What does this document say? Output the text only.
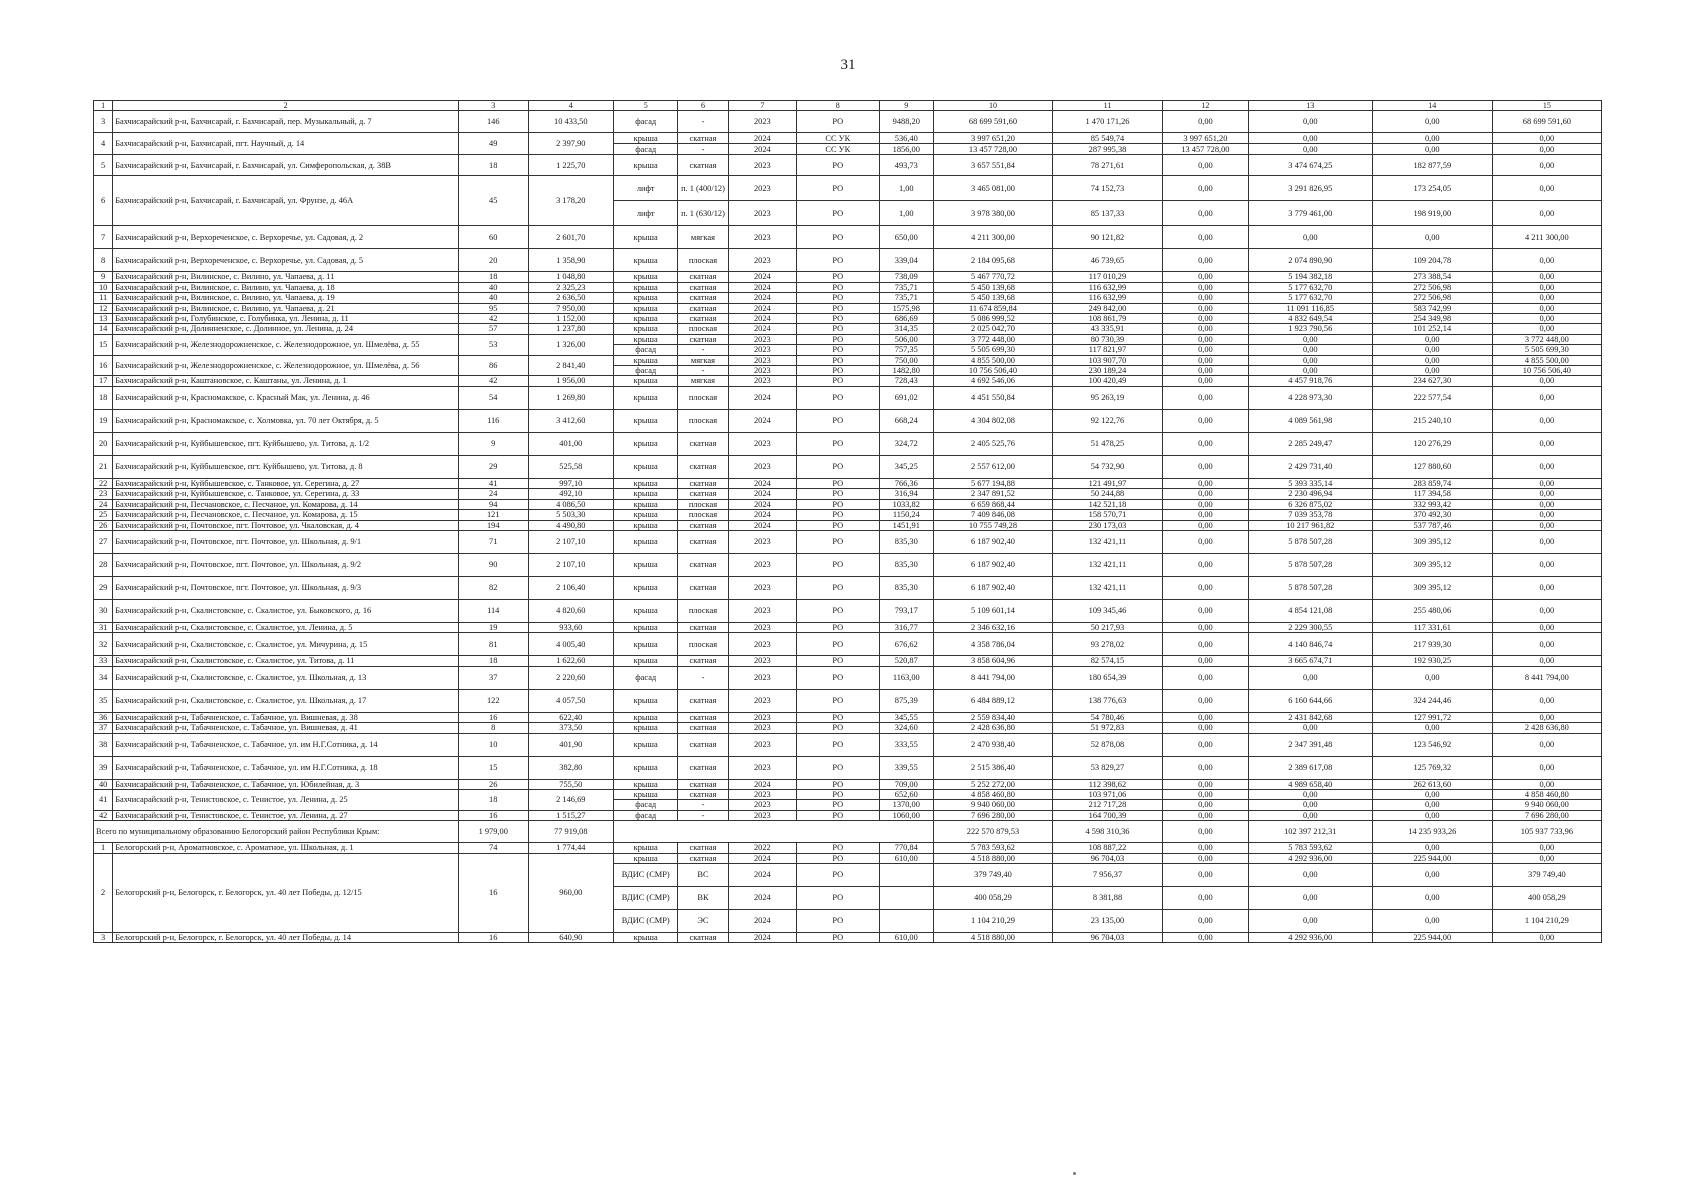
31
1	2	3	4	5	6	7	8	9	10	11	12	13	14	15
3	Бахчисарайский р-н, Бахчисарай, г. Бахчисарай, пер. Музыкальный, д. 7	146	10 433,50	фасад	-	2023	РО	9488,20	68 699 591,60	1 470 171,26	0,00	0,00	0,00	68 699 591,60
4	Бахчисарайский р-н, Бахчисарай, пгт. Научный, д. 14	49	2 397,90	крыша	скатная	2024	СС УК	536,40	3 997 651,20	85 549,74	3 997 651,20	0,00	0,00	0,00
				фасад	-	2024	СС УК	1856,00	13 457 728,00	287 995,38	13 457 728,00	0,00	0,00	0,00
5	Бахчисарайский р-н, Бахчисарай, г. Бахчисарай, ул. Симферопольская, д. 38В	18	1 225,70	крыша	скатная	2023	РО	493,73	3 657 551,84	78 271,61	0,00	3 474 674,25	182 877,59	0,00
6	Бахчисарайский р-н, Бахчисарай, г. Бахчисарай, ул. Фрунзе, д. 46А	45	3 178,20	лифт	п. 1 (400/12)	2023	РО	1,00	3 465 081,00	74 152,73	0,00	3 291 826,95	173 254,05	0,00
				лифт	п. 1 (630/12)	2023	РО	1,00	3 978 380,00	85 137,33	0,00	3 779 461,00	198 919,00	0,00
7	Бахчисарайский р-н, Верхореченское, с. Верхоречье, ул. Садовая, д. 2	60	2 601,70	крыша	мягкая	2023	РО	650,00	4 211 300,00	90 121,82	0,00	0,00	0,00	4 211 300,00
8	Бахчисарайский р-н, Верхореченское, с. Верхоречье, ул. Садовая, д. 5	20	1 358,90	крыша	плоская	2023	РО	339,04	2 184 095,68	46 739,65	0,00	2 074 890,90	109 204,78	0,00
9	Бахчисарайский р-н, Вилинское, с. Вилино, ул. Чапаева, д. 11	18	1 048,80	крыша	скатная	2024	РО	738,09	5 467 770,72	117 010,29	0,00	5 194 382,18	273 388,54	0,00
10	Бахчисарайский р-н, Вилинское, с. Вилино, ул. Чапаева, д. 18	40	2 325,23	крыша	скатная	2024	РО	735,71	5 450 139,68	116 632,99	0,00	5 177 632,70	272 506,98	0,00
11	Бахчисарайский р-н, Вилинское, с. Вилино, ул. Чапаева, д. 19	40	2 636,50	крыша	скатная	2024	РО	735,71	5 450 139,68	116 632,99	0,00	5 177 632,70	272 506,98	0,00
12	Бахчисарайский р-н, Вилинское, с. Вилино, ул. Чапаева, д. 21	95	7 950,00	крыша	скатная	2024	РО	1575,98	11 674 859,84	249 842,00	0,00	11 091 116,85	583 742,99	0,00
13	Бахчисарайский р-н, Голубинское, с. Голубинка, ул. Ленина, д. 11	42	1 152,00	крыша	скатная	2024	РО	686,69	5 086 999,52	108 861,79	0,00	4 832 649,54	254 349,98	0,00
14	Бахчисарайский р-н, Долинненское, с. Долинное, ул. Ленина, д. 24	57	1 237,80	крыша	плоская	2024	РО	314,35	2 025 042,70	43 335,91	0,00	1 923 790,56	101 252,14	0,00
15	Бахчисарайский р-н, Железнодорожненское, с. Железнодорожное, ул. Шмелёва, д. 55	53	1 326,00	крыша	скатная	2023	РО	506,00	3 772 448,00	80 730,39	0,00	0,00	0,00	3 772 448,00
				фасад	-	2023	РО	757,35	5 505 699,30	117 821,97	0,00	0,00	0,00	5 505 699,30
16	Бахчисарайский р-н, Железнодорожненское, с. Железнодорожное, ул. Шмелёва, д. 56	86	2 841,40	крыша	мягкая	2023	РО	750,00	4 855 500,00	103 907,70	0,00	0,00	0,00	4 855 500,00
				фасад	-	2023	РО	1482,80	10 756 506,40	230 189,24	0,00	0,00	0,00	10 756 506,40
17	Бахчисарайский р-н, Каштановское, с. Каштаны, ул. Ленина, д. 1	42	1 956,00	крыша	мягкая	2023	РО	728,43	4 692 546,06	100 420,49	0,00	4 457 918,76	234 627,30	0,00
18	Бахчисарайский р-н, Красномакское, с. Красный Мак, ул. Ленина, д. 46	54	1 269,80	крыша	плоская	2024	РО	691,02	4 451 550,84	95 263,19	0,00	4 228 973,30	222 577,54	0,00
19	Бахчисарайский р-н, Красномакское, с. Холмовка, ул. 70 лет Октября, д. 5	116	3 412,60	крыша	плоская	2024	РО	668,24	4 304 802,08	92 122,76	0,00	4 089 561,98	215 240,10	0,00
20	Бахчисарайский р-н, Куйбышевское, пгт. Куйбышево, ул. Титова, д. 1/2	9	401,00	крыша	скатная	2023	РО	324,72	2 405 525,76	51 478,25	0,00	2 285 249,47	120 276,29	0,00
21	Бахчисарайский р-н, Куйбышевское, пгт. Куйбышево, ул. Титова, д. 8	29	525,58	крыша	скатная	2023	РО	345,25	2 557 612,00	54 732,90	0,00	2 429 731,40	127 880,60	0,00
22	Бахчисарайский р-н, Куйбышевское, с. Танковое, ул. Серегина, д. 27	41	997,10	крыша	скатная	2024	РО	766,36	5 677 194,88	121 491,97	0,00	5 393 335,14	283 859,74	0,00
23	Бахчисарайский р-н, Куйбышевское, с. Танковое, ул. Серегина, д. 33	24	492,10	крыша	скатная	2024	РО	316,94	2 347 891,52	50 244,88	0,00	2 230 496,94	117 394,58	0,00
24	Бахчисарайский р-н, Песчановское, с. Песчаное, ул. Комарова, д. 14	94	4 086,50	крыша	плоская	2024	РО	1033,82	6 659 868,44	142 521,18	0,00	6 326 875,02	332 993,42	0,00
25	Бахчисарайский р-н, Песчановское, с. Песчаное, ул. Комарова, д. 15	121	5 503,30	крыша	плоская	2024	РО	1150,24	7 409 846,08	158 570,71	0,00	7 039 353,78	370 492,30	0,00
26	Бахчисарайский р-н, Почтовское, пгт. Почтовое, ул. Чкаловская, д. 4	194	4 490,80	крыша	скатная	2024	РО	1451,91	10 755 749,28	230 173,03	0,00	10 217 961,82	537 787,46	0,00
27	Бахчисарайский р-н, Почтовское, пгт. Почтовое, ул. Школьная, д. 9/1	71	2 107,10	крыша	скатная	2023	РО	835,30	6 187 902,40	132 421,11	0,00	5 878 507,28	309 395,12	0,00
28	Бахчисарайский р-н, Почтовское, пгт. Почтовое, ул. Школьная, д. 9/2	90	2 107,10	крыша	скатная	2023	РО	835,30	6 187 902,40	132 421,11	0,00	5 878 507,28	309 395,12	0,00
29	Бахчисарайский р-н, Почтовское, пгт. Почтовое, ул. Школьная, д. 9/3	82	2 106,40	крыша	скатная	2023	РО	835,30	6 187 902,40	132 421,11	0,00	5 878 507,28	309 395,12	0,00
30	Бахчисарайский р-н, Скалистовское, с. Скалистое, ул. Быковского, д. 16	114	4 820,60	крыша	плоская	2023	РО	793,17	5 109 601,14	109 345,46	0,00	4 854 121,08	255 480,06	0,00
31	Бахчисарайский р-н, Скалистовское, с. Скалистое, ул. Ленина, д. 5	19	933,60	крыша	скатная	2023	РО	316,77	2 346 632,16	50 217,93	0,00	2 229 300,55	117 331,61	0,00
32	Бахчисарайский р-н, Скалистовское, с. Скалистое, ул. Мичурина, д. 15	81	4 005,40	крыша	плоская	2023	РО	676,62	4 358 786,04	93 278,02	0,00	4 140 846,74	217 939,30	0,00
33	Бахчисарайский р-н, Скалистовское, с. Скалистое, ул. Титова, д. 11	18	1 622,60	крыша	скатная	2023	РО	520,87	3 858 604,96	82 574,15	0,00	3 665 674,71	192 930,25	0,00
34	Бахчисарайский р-н, Скалистовское, с. Скалистое, ул. Школьная, д. 13	37	2 220,60	фасад	-	2023	РО	1163,00	8 441 794,00	180 654,39	0,00	0,00	0,00	8 441 794,00
35	Бахчисарайский р-н, Скалистовское, с. Скалистое, ул. Школьная, д. 17	122	4 057,50	крыша	скатная	2023	РО	875,39	6 484 889,12	138 776,63	0,00	6 160 644,66	324 244,46	0,00
36	Бахчисарайский р-н, Табачненское, с. Табачное, ул. Вишневая, д. 38	16	622,40	крыша	скатная	2023	РО	345,55	2 559 834,40	54 780,46	0,00	2 431 842,68	127 991,72	0,00
37	Бахчисарайский р-н, Табачненское, с. Табачное, ул. Вишневая, д. 41	8	373,50	крыша	скатная	2023	РО	324,60	2 428 636,80	51 972,83	0,00	0,00	0,00	2 428 636,80
38	Бахчисарайский р-н, Табачненское, с. Табачное, ул. им Н.Г.Сотника, д. 14	10	401,90	крыша	скатная	2023	РО	333,55	2 470 938,40	52 878,08	0,00	2 347 391,48	123 546,92	0,00
39	Бахчисарайский р-н, Табачненское, с. Табачное, ул. им Н.Г.Сотника, д. 18	15	382,80	крыша	скатная	2023	РО	339,55	2 515 386,40	53 829,27	0,00	2 389 617,08	125 769,32	0,00
40	Бахчисарайский р-н, Табачненское, с. Табачное, ул. Юбилейная, д. 3	26	755,50	крыша	скатная	2024	РО	709,00	5 252 272,00	112 398,62	0,00	4 989 658,40	262 613,60	0,00
41	Бахчисарайский р-н, Тенистовское, с. Тенистое, ул. Ленина, д. 25	18	2 146,69	крыша	скатная	2023	РО	652,60	4 858 460,80	103 971,06	0,00	0,00	0,00	4 858 460,80
				фасад	-	2023	РО	1370,00	9 940 060,00	212 717,28	0,00	0,00	0,00	9 940 060,00
42	Бахчисарайский р-н, Тенистовское, с. Тенистое, ул. Ленина, д. 27	16	1 515,27	фасад	-	2023	РО	1060,00	7 696 280,00	164 700,39	0,00	0,00	0,00	7 696 280,00
Всего по муниципальному образованию Белогорский район Республики Крым:		1 979,00	77 919,08						222 570 879,53	4 598 310,36	0,00	102 397 212,31	14 235 933,26	105 937 733,96
1	Белогорский р-н, Ароматновское, с. Ароматное, ул. Школьная, д. 1	74	1 774,44	крыша	скатная	2022	РО	770,84	5 783 593,62	108 887,22	0,00	5 783 593,62	0,00	0,00
2	Белогорский р-н, Белогорск, г. Белогорск, ул. 40 лет Победы, д. 12/15	16	960,00	крыша	скатная	2024	РО	610,00	4 518 880,00	96 704,03	0,00	4 292 936,00	225 944,00	0,00
				ВДИС (СМР)	ВС	2024	РО		379 749,40	7 956,37	0,00	0,00	0,00	379 749,40
				ВДИС (СМР)	ВК	2024	РО		400 058,29	8 381,88	0,00	0,00	0,00	400 058,29
				ВДИС (СМР)	ЭС	2024	РО		1 104 210,29	23 135,00	0,00	0,00	0,00	1 104 210,29
3	Белогорский р-н, Белогорск, г. Белогорск, ул. 40 лет Победы, д. 14	16	640,90	крыша	скатная	2024	РО	610,00	4 518 880,00	96 704,03	0,00	4 292 936,00	225 944,00	0,00
